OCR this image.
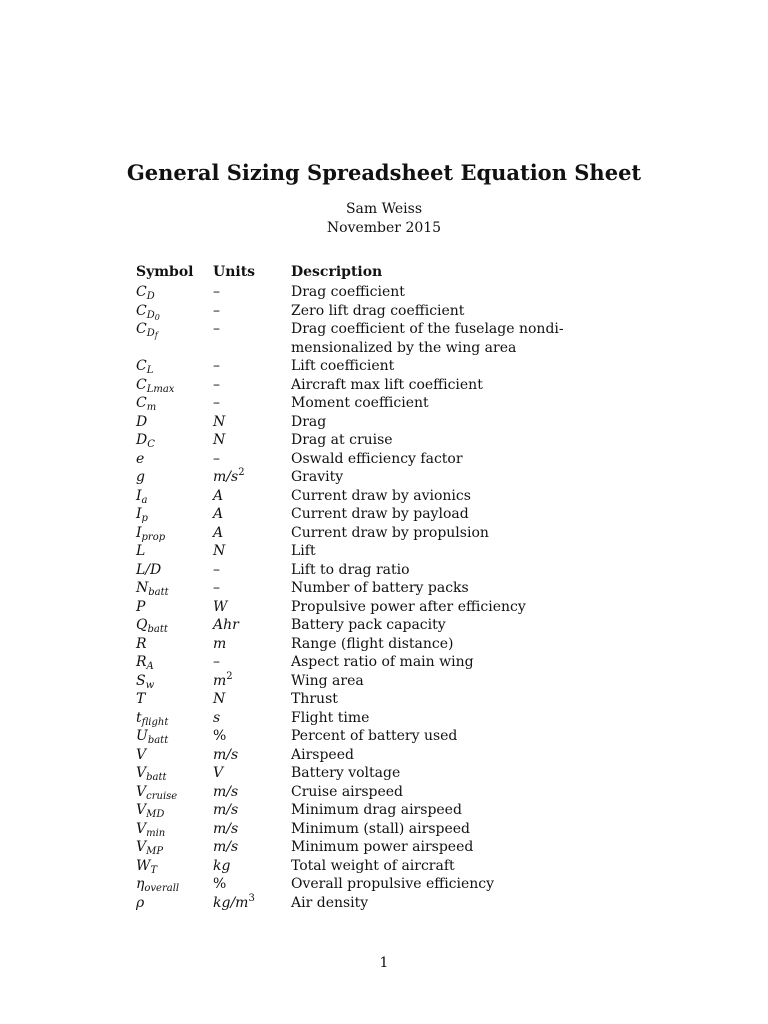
General Sizing Spreadsheet Equation Sheet

Sam Weiss

November 2015

Symbol	Units	Description
$C_D$	–	Drag coefficient
$C_{D_0}$	–	Zero lift drag coefficient
$C_{D_f}$	–	Drag coefficient of the fuselage nondi-
mensionalized by the wing area
$C_L$	–	Lift coefficient
$C_{Lmax}$	–	Aircraft max lift coefficient
$C_m$	–	Moment coefficient
D	N	Drag
$D_C$	N	Drag at cruise
e	–	Oswald efficiency factor
g	$m/s^2$	Gravity
$I_a$	A	Current draw by avionics
$I_p$	A	Current draw by payload
$I_{prop}$	A	Current draw by propulsion
L	N	Lift
L/D	–	Lift to drag ratio
$N_{batt}$	–	Number of battery packs
P	W	Propulsive power after efficiency
$Q_{batt}$	Ahr	Battery pack capacity
R	m	Range (flight distance)
$R_A$	–	Aspect ratio of main wing
$S_w$	$m^2$	Wing area
T	N	Thrust
$t_{flight}$	s	Flight time
$U_{batt}$	%	Percent of battery used
V	m/s	Airspeed
$V_{batt}$	V	Battery voltage
$V_{cruise}$	m/s	Cruise airspeed
$V_{MD}$	m/s	Minimum drag airspeed
$V_{min}$	m/s	Minimum (stall) airspeed
$V_{MP}$	m/s	Minimum power airspeed
$W_T$	kg	Total weight of aircraft
$\eta_{overall}$	%	Overall propulsive efficiency
ρ	$kg/m^3$	Air density

1
